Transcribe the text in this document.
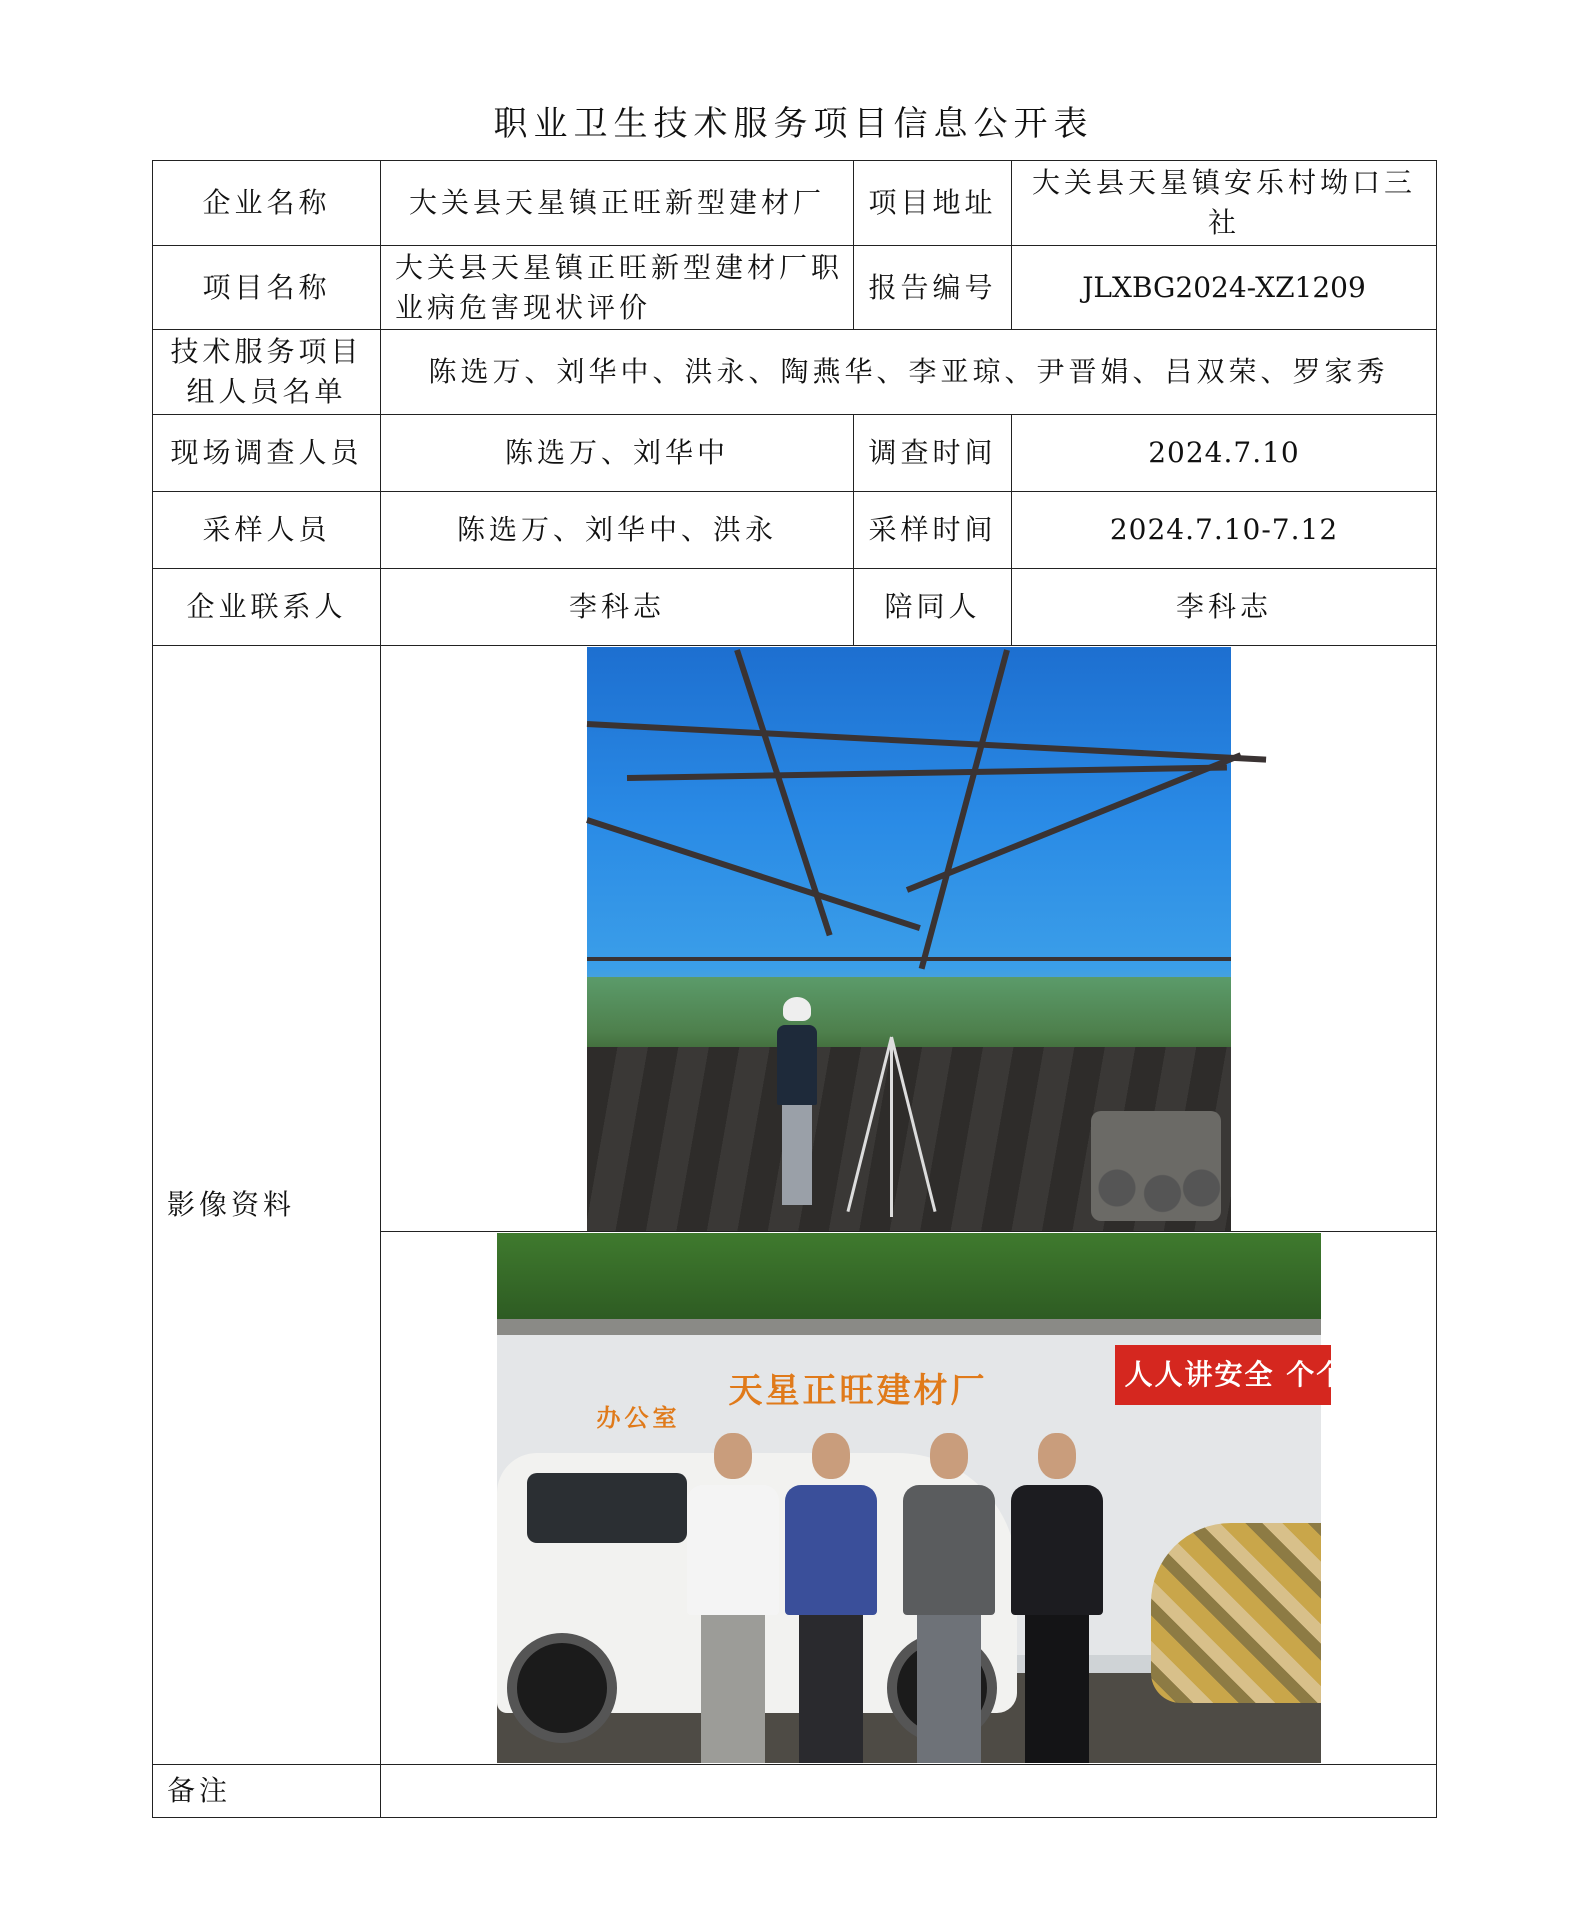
职业卫生技术服务项目信息公开表
企业名称	大关县天星镇正旺新型建材厂	项目地址	大关县天星镇安乐村坳口三社
项目名称	大关县天星镇正旺新型建材厂职业病危害现状评价	报告编号	JLXBG2024-XZ1209
技术服务项目组人员名单	陈选万、刘华中、洪永、陶燕华、李亚琼、尹晋娟、吕双荣、罗家秀		
现场调查人员	陈选万、刘华中	调查时间	2024.7.10
采样人员	陈选万、刘华中、洪永	采样时间	2024.7.10-7.12
企业联系人	李科志	陪同人	李科志
影像资料			

	天星正旺建材厂
办公室
人人讲安全 个个		

备注			
